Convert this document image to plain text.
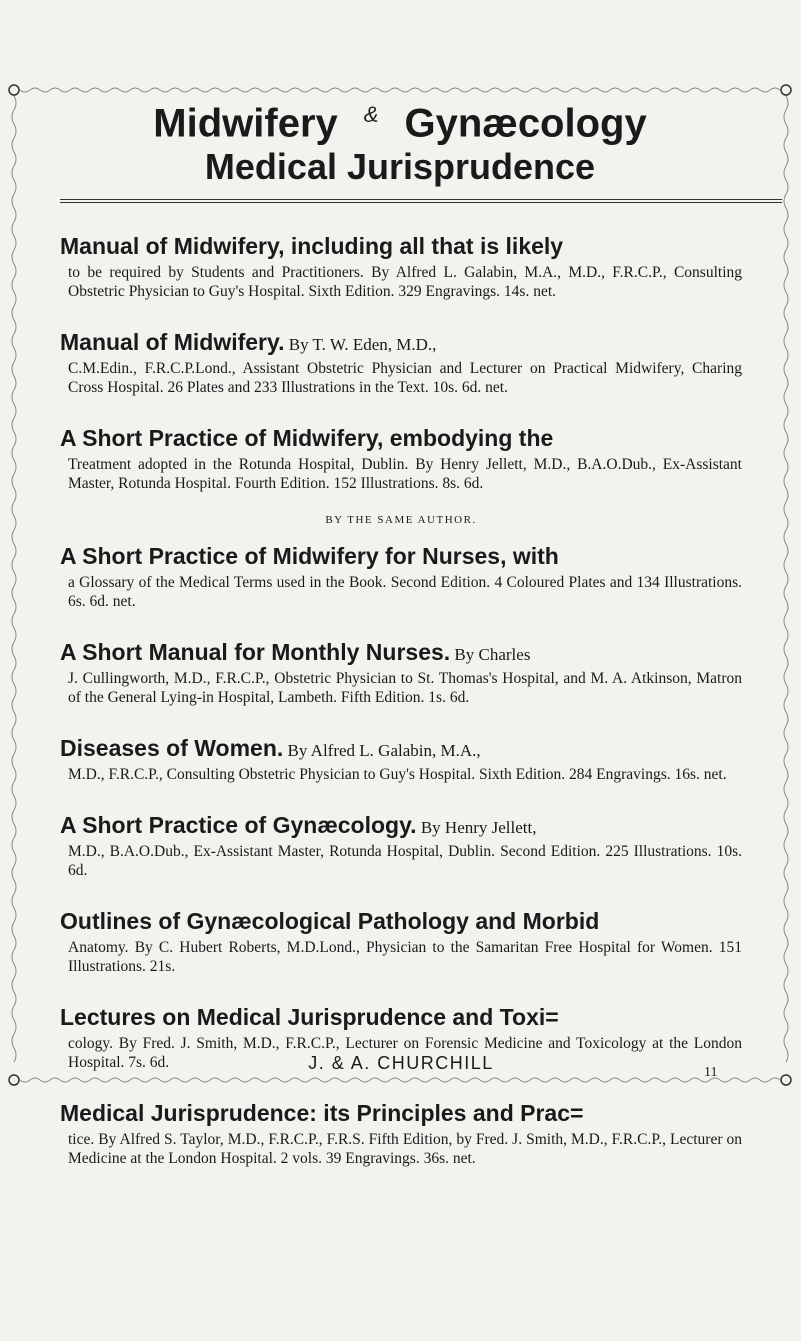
Midwifery & Gynæcology
Medical Jurisprudence
Manual of Midwifery, including all that is likely
to be required by Students and Practitioners. By Alfred L. Galabin, M.A., M.D., F.R.C.P., Consulting Obstetric Physician to Guy's Hospital. Sixth Edition. 329 Engravings. 14s. net.
Manual of Midwifery. By T. W. Eden, M.D.,
C.M.Edin., F.R.C.P.Lond., Assistant Obstetric Physician and Lecturer on Practical Midwifery, Charing Cross Hospital. 26 Plates and 233 Illustrations in the Text. 10s. 6d. net.
A Short Practice of Midwifery, embodying the
Treatment adopted in the Rotunda Hospital, Dublin. By Henry Jellett, M.D., B.A.O.Dub., Ex-Assistant Master, Rotunda Hospital. Fourth Edition. 152 Illustrations. 8s. 6d.
BY THE SAME AUTHOR.
A Short Practice of Midwifery for Nurses, with
a Glossary of the Medical Terms used in the Book. Second Edition. 4 Coloured Plates and 134 Illustrations. 6s. 6d. net.
A Short Manual for Monthly Nurses. By Charles
J. Cullingworth, M.D., F.R.C.P., Obstetric Physician to St. Thomas's Hospital, and M. A. Atkinson, Matron of the General Lying-in Hospital, Lambeth. Fifth Edition. 1s. 6d.
Diseases of Women. By Alfred L. Galabin, M.A.,
M.D., F.R.C.P., Consulting Obstetric Physician to Guy's Hospital. Sixth Edition. 284 Engravings. 16s. net.
A Short Practice of Gynæcology. By Henry Jellett,
M.D., B.A.O.Dub., Ex-Assistant Master, Rotunda Hospital, Dublin. Second Edition. 225 Illustrations. 10s. 6d.
Outlines of Gynæcological Pathology and Morbid
Anatomy. By C. Hubert Roberts, M.D.Lond., Physician to the Samaritan Free Hospital for Women. 151 Illustrations. 21s.
Lectures on Medical Jurisprudence and Toxi=
cology. By Fred. J. Smith, M.D., F.R.C.P., Lecturer on Forensic Medicine and Toxicology at the London Hospital. 7s. 6d.
Medical Jurisprudence: its Principles and Prac=
tice. By Alfred S. Taylor, M.D., F.R.C.P., F.R.S. Fifth Edition, by Fred. J. Smith, M.D., F.R.C.P., Lecturer on Medicine at the London Hospital. 2 vols. 39 Engravings. 36s. net.
J. & A. CHURCHILL	11
